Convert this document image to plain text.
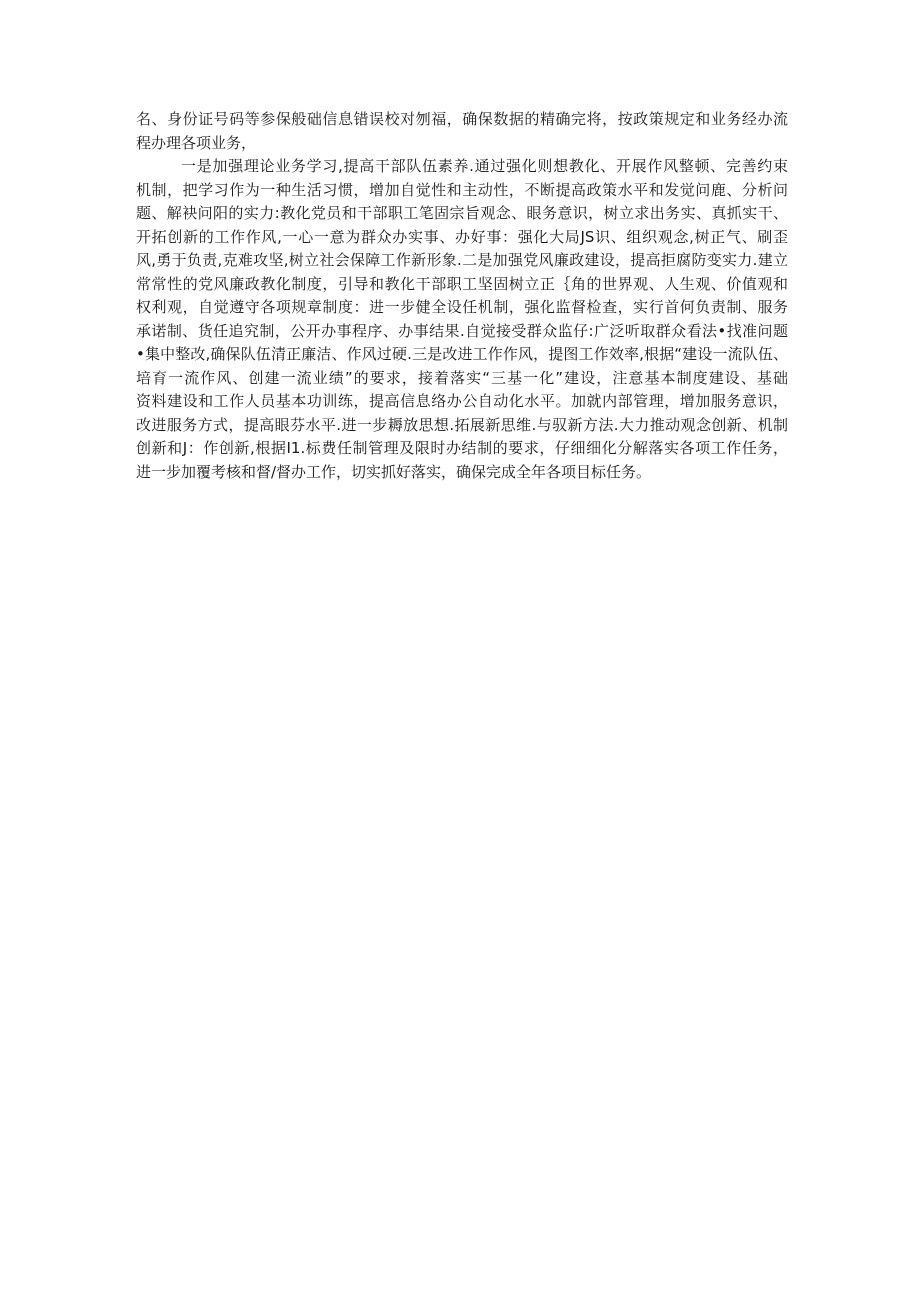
名、身份证号码等参保般础信息错误校对刎福，确保数据的精确完将，按政策规定和业务经办流
程办理各项业务，
一是加强理论业务学习,提高干部队伍素养.通过强化则想教化、开展作风整顿、完善约束
机制，把学习作为一种生活习惯，增加自觉性和主动性，不断提高政策水平和发觉问鹿、分析问
题、解袂问阳的实力:教化党员和干部职工笔固宗旨观念、眼务意识，树立求出务实、真抓实干、
开拓创新的工作作风,一心一意为群众办实事、办好事：强化大局JS识、组织观念,树正气、刷歪
风,勇于负责,克难攻坚,树立社会保障工作新形象.二是加强党风廉政建设，提高拒腐防变实力.建立
常常性的党风廉政教化制度，引导和教化干部职工坚固树立正｛角的世界观、人生观、价值观和
权利观，自觉遵守各项规章制度：进一步健全设任机制，强化监督检查，实行首何负责制、服务
承诺制、货任追究制，公开办事程序、办事结果.自觉接受群众监仔:广泛听取群众看法•找准问题
•集中整改,确保队伍清正廉洁、作风过硬.三是改进工作作风，提图工作效率,根据“建设一流队伍、
培育一流作风、创建一流业绩”的要求，接着落实“三基一化”建设，注意基本制度建设、基础
资料建设和工作人员基本功训练，提高信息络办公自动化水平。加就内部管理，增加服务意识，
改进服务方式，提高眼芬水平.进一步耨放思想.拓展新思维.与驭新方法.大力推动观念创新、机制
创新和J：作创新,根据I1.标费任制管理及限时办结制的要求，仔细细化分解落实各项工作任务，
进一步加覆考核和督/督办工作，切实抓好落实，确保完成全年各项目标任务。
